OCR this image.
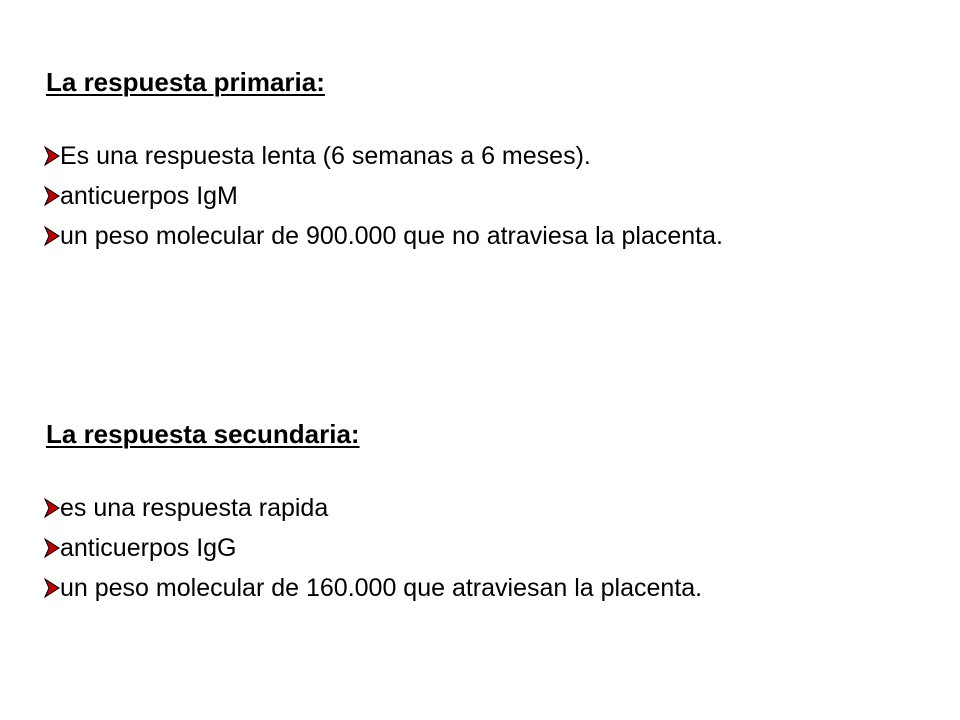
La respuesta primaria:
Es una respuesta lenta (6 semanas a 6 meses).
anticuerpos IgM
un peso molecular de 900.000 que no atraviesa la placenta.
La respuesta secundaria:
es una respuesta rapida
anticuerpos IgG
un peso molecular de 160.000 que atraviesan la placenta.
